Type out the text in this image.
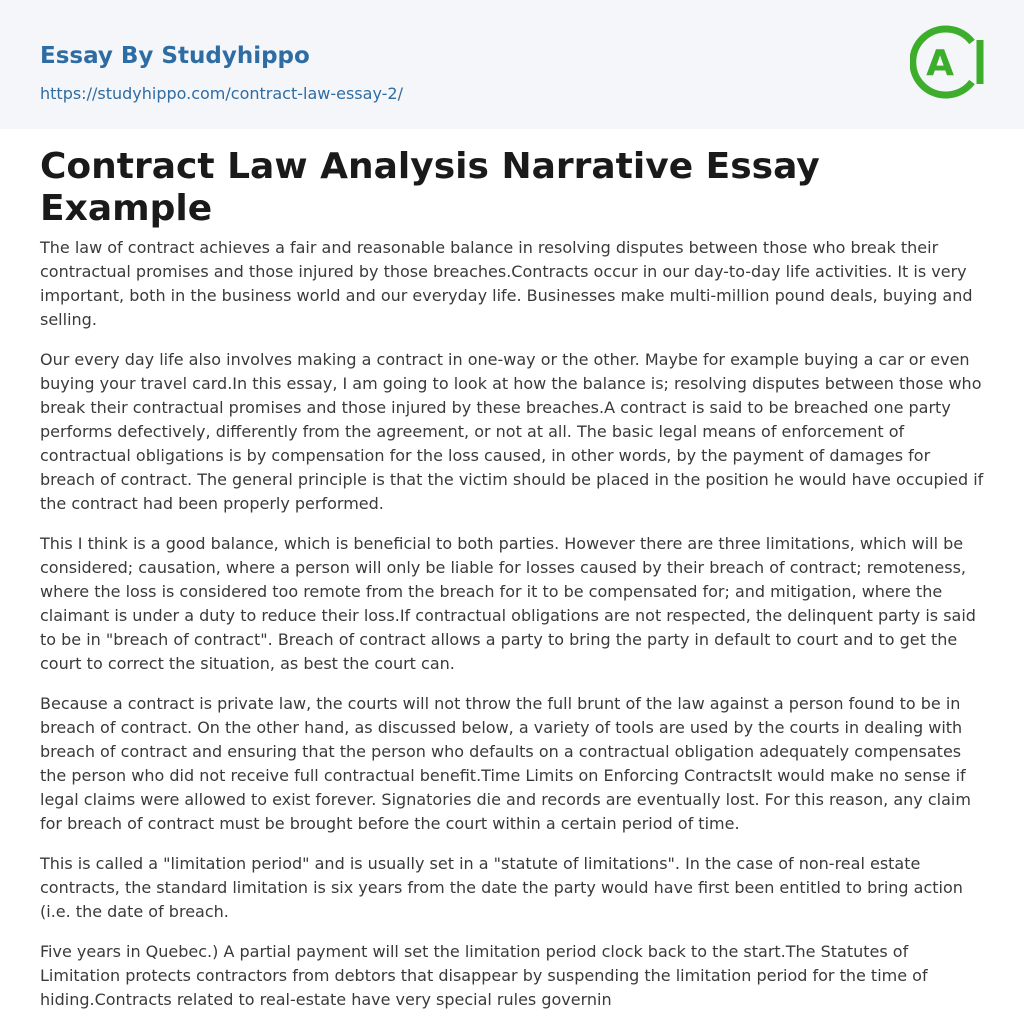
Essay By Studyhippo
https://studyhippo.com/contract-law-essay-2/
A
Contract Law Analysis Narrative Essay Example

The law of contract achieves a fair and reasonable balance in resolving disputes between those who break their contractual promises and those injured by those breaches.Contracts occur in our day-to-day life activities. It is very important, both in the business world and our everyday life. Businesses make multi-million pound deals, buying and selling.

Our every day life also involves making a contract in one-way or the other. Maybe for example buying a car or even buying your travel card.In this essay, I am going to look at how the balance is; resolving disputes between those who break their contractual promises and those injured by these breaches.A contract is said to be breached one party performs defectively, differently from the agreement, or not at all. The basic legal means of enforcement of contractual obligations is by compensation for the loss caused, in other words, by the payment of damages for breach of contract. The general principle is that the victim should be placed in the position he would have occupied if the contract had been properly performed.

This I think is a good balance, which is beneficial to both parties. However there are three limitations, which will be considered; causation, where a person will only be liable for losses caused by their breach of contract; remoteness, where the loss is considered too remote from the breach for it to be compensated for; and mitigation, where the claimant is under a duty to reduce their loss.If contractual obligations are not respected, the delinquent party is said to be in "breach of contract". Breach of contract allows a party to bring the party in default to court and to get the court to correct the situation, as best the court can.

Because a contract is private law, the courts will not throw the full brunt of the law against a person found to be in breach of contract. On the other hand, as discussed below, a variety of tools are used by the courts in dealing with breach of contract and ensuring that the person who defaults on a contractual obligation adequately compensates the person who did not receive full contractual benefit.Time Limits on Enforcing ContractsIt would make no sense if legal claims were allowed to exist forever. Signatories die and records are eventually lost. For this reason, any claim for breach of contract must be brought before the court within a certain period of time.

This is called a "limitation period" and is usually set in a "statute of limitations". In the case of non-real estate contracts, the standard limitation is six years from the date the party would have first been entitled to bring action (i.e. the date of breach.

Five years in Quebec.) A partial payment will set the limitation period clock back to the start.The Statutes of Limitation protects contractors from debtors that disappear by suspending the limitation period for the time of hiding.Contracts related to real-estate have very special rules governin
